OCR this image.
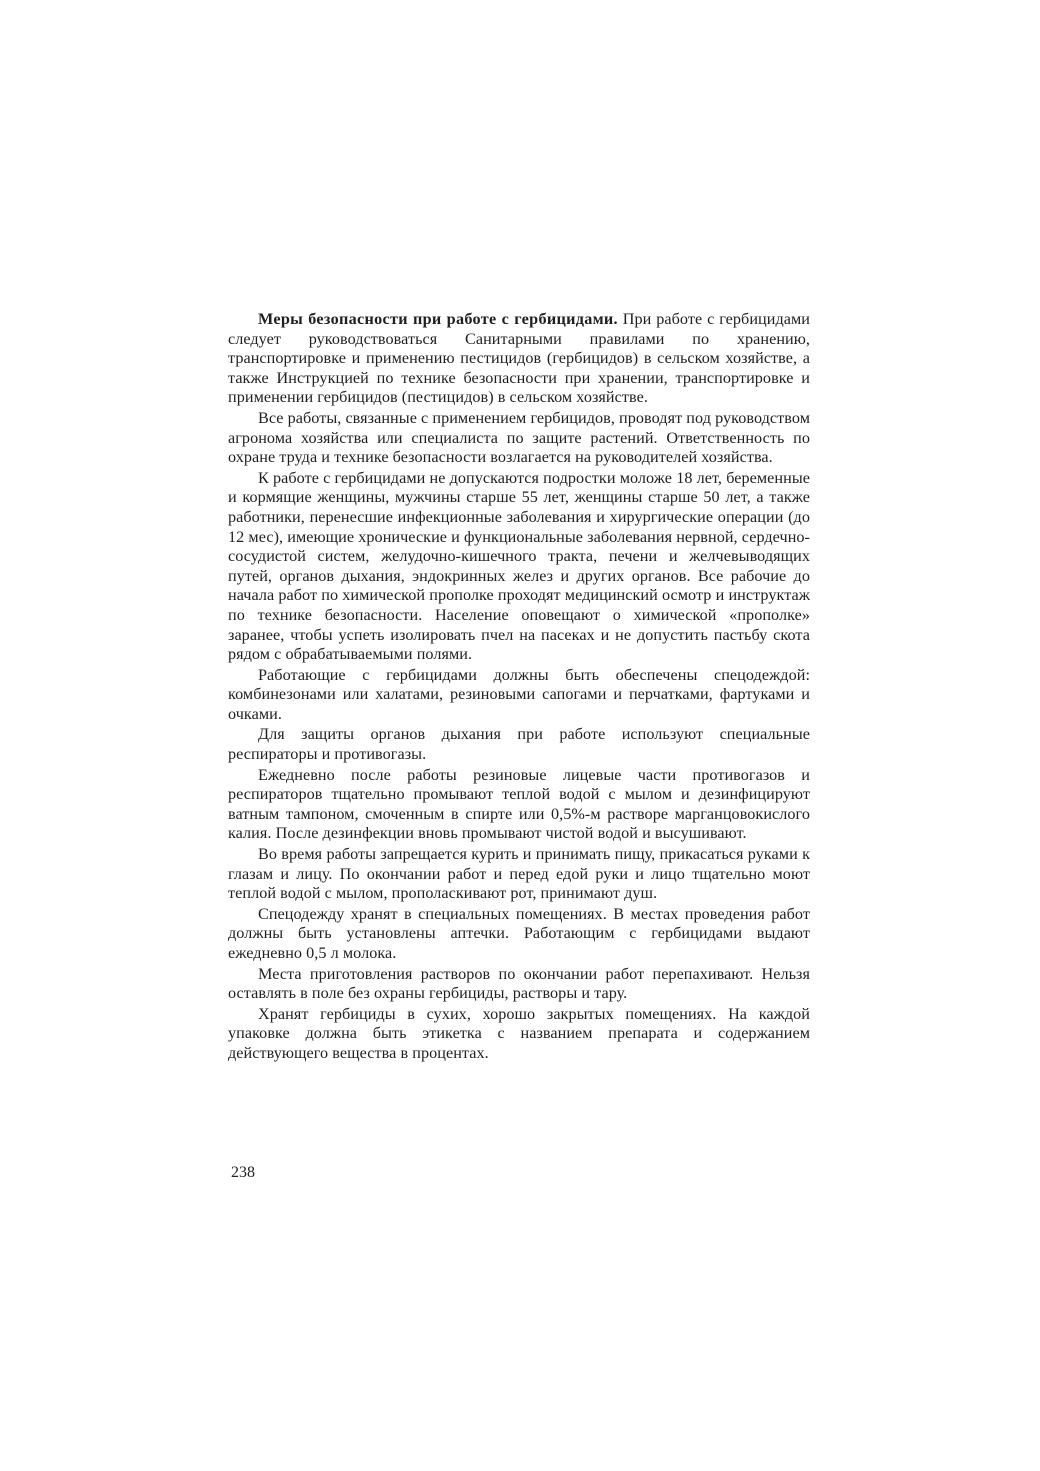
Меры безопасности при работе с гербицидами. При работе с гербицидами следует руководствоваться Санитарными правилами по хранению, транспортировке и применению пестицидов (гербицидов) в сельском хозяйстве, а также Инструкцией по технике безопасности при хранении, транспортировке и применении гербицидов (пестицидов) в сельском хозяйстве.

Все работы, связанные с применением гербицидов, проводят под руководством агронома хозяйства или специалиста по защите растений. Ответственность по охране труда и технике безопасности возлагается на руководителей хозяйства.

К работе с гербицидами не допускаются подростки моложе 18 лет, беременные и кормящие женщины, мужчины старше 55 лет, женщины старше 50 лет, а также работники, перенесшие инфекционные заболевания и хирургические операции (до 12 мес), имеющие хронические и функциональные заболевания нервной, сердечно-сосудистой систем, желудочно-кишечного тракта, печени и желчевыводящих путей, органов дыхания, эндокринных желез и других органов. Все рабочие до начала работ по химической прополке проходят медицинский осмотр и инструктаж по технике безопасности. Население оповещают о химической «прополке» заранее, чтобы успеть изолировать пчел на пасеках и не допустить пастьбу скота рядом с обрабатываемыми полями.

Работающие с гербицидами должны быть обеспечены спецодеждой: комбинезонами или халатами, резиновыми сапогами и перчатками, фартуками и очками.

Для защиты органов дыхания при работе используют специальные респираторы и противогазы.

Ежедневно после работы резиновые лицевые части противогазов и респираторов тщательно промывают теплой водой с мылом и дезинфицируют ватным тампоном, смоченным в спирте или 0,5%-м растворе марганцовокислого калия. После дезинфекции вновь промывают чистой водой и высушивают.

Во время работы запрещается курить и принимать пищу, прикасаться руками к глазам и лицу. По окончании работ и перед едой руки и лицо тщательно моют теплой водой с мылом, прополаскивают рот, принимают душ.

Спецодежду хранят в специальных помещениях. В местах проведения работ должны быть установлены аптечки. Работающим с гербицидами выдают ежедневно 0,5 л молока.

Места приготовления растворов по окончании работ перепахивают. Нельзя оставлять в поле без охраны гербициды, растворы и тару.

Хранят гербициды в сухих, хорошо закрытых помещениях. На каждой упаковке должна быть этикетка с названием препарата и содержанием действующего вещества в процентах.

238
